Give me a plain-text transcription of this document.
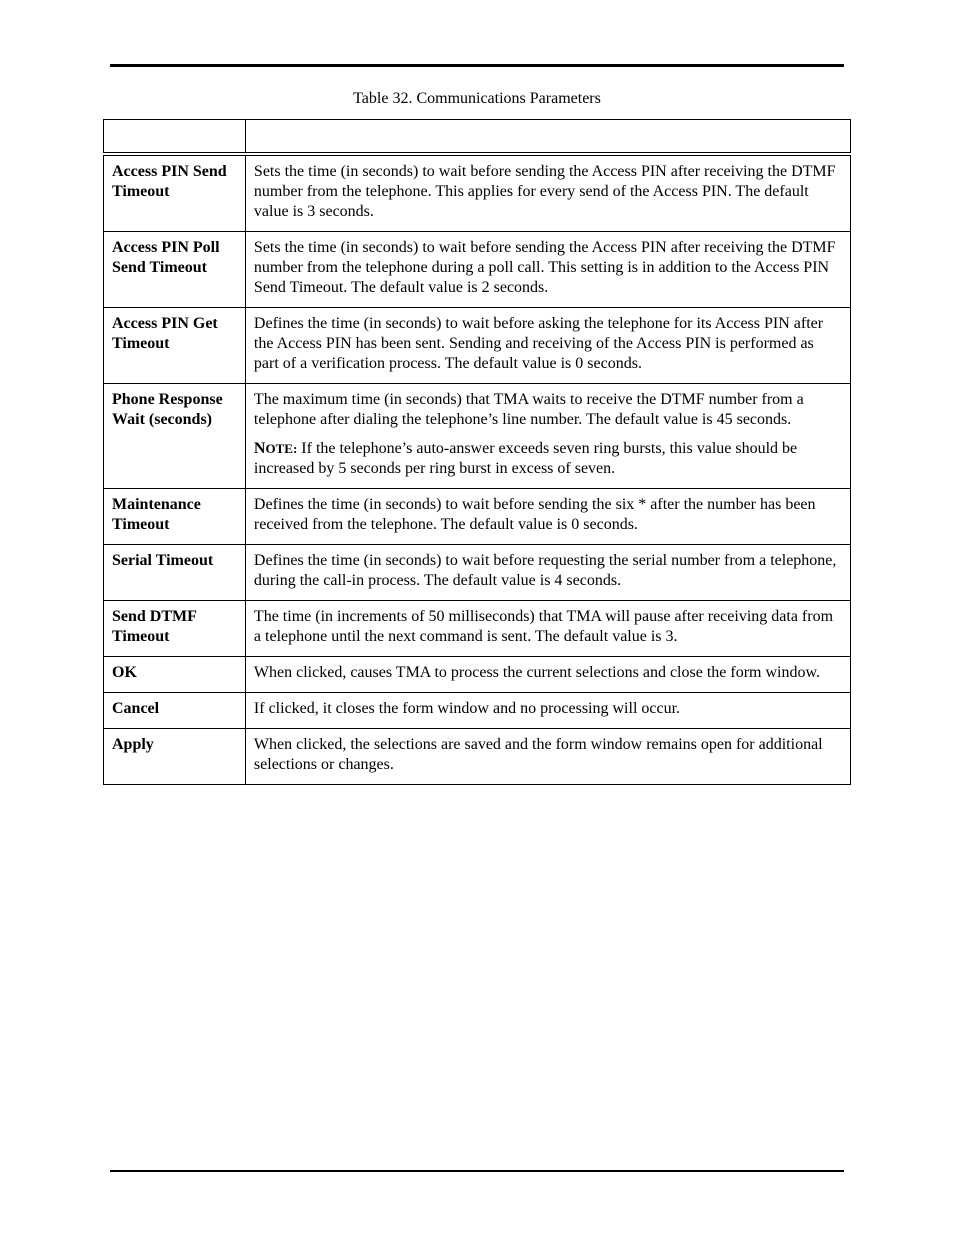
Table 32. Communications Parameters

Access PIN Send Timeout	Sets the time (in seconds) to wait before sending the Access PIN after receiving the DTMF number from the telephone. This applies for every send of the Access PIN. The default value is 3 seconds.

Access PIN Poll Send Timeout	Sets the time (in seconds) to wait before sending the Access PIN after receiving the DTMF number from the telephone during a poll call. This setting is in addition to the Access PIN Send Timeout. The default value is 2 seconds.

Access PIN Get Timeout	Defines the time (in seconds) to wait before asking the telephone for its Access PIN after the Access PIN has been sent. Sending and receiving of the Access PIN is performed as part of a verification process. The default value is 0 seconds.

Phone Response Wait (seconds)	The maximum time (in seconds) that TMA waits to receive the DTMF number from a telephone after dialing the telephone’s line number. The default value is 45 seconds.

NOTE: If the telephone’s auto-answer exceeds seven ring bursts, this value should be increased by 5 seconds per ring burst in excess of seven.

Maintenance Timeout	Defines the time (in seconds) to wait before sending the six * after the number has been received from the telephone. The default value is 0 seconds.

Serial Timeout	Defines the time (in seconds) to wait before requesting the serial number from a telephone, during the call-in process. The default value is 4 seconds.

Send DTMF Timeout	The time (in increments of 50 milliseconds) that TMA will pause after receiving data from a telephone until the next command is sent. The default value is 3.

OK	When clicked, causes TMA to process the current selections and close the form window.

Cancel	If clicked, it closes the form window and no processing will occur.

Apply	When clicked, the selections are saved and the form window remains open for additional selections or changes.
